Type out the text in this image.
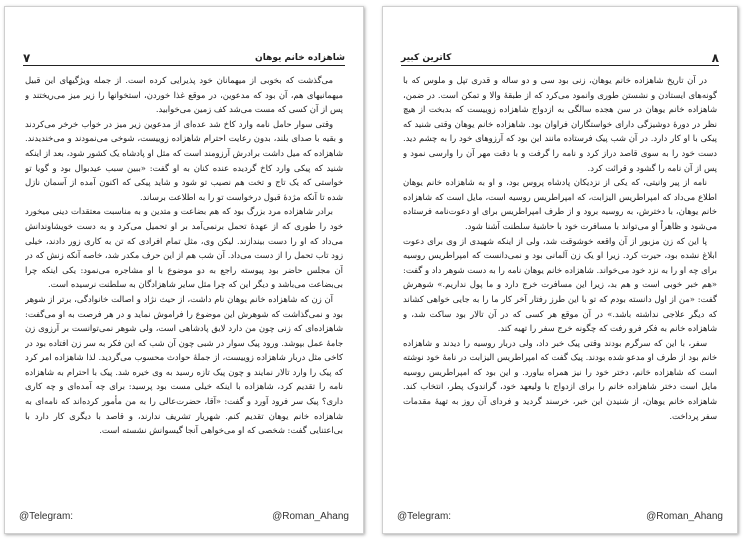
۷	شاهزاده خانم یوهان

می‌گذشت که بخوبی از میهمانان خود پذیرایی کرده است. از جمله ویژگیهای این قبیل میهمانیهای هم، آن بود که مدعوین، در موقع غذا خوردن، استخوانها را زیر میز می‌ریختند و پس از آن کسی که مست می‌شد کف زمین می‌خوابید.

وقتی سوار حامل نامه وارد کاخ شد عده‌ای از مدعوین زیر میز در خواب خرخر می‌کردند و بقیه با صدای بلند، بدون رعایت احترام شاهزاده زوییست، شوخی می‌نمودند و می‌خندیدند. شاهزاده که میل داشت برادرش آرزومند است که مثل او پادشاه یک کشور شود، بعد از اینکه شنید که پیکی وارد کاخ گردیده عنده کنان به او گفت: «ببین سبب عیدبوال بود و گویا تو خواستی که یک تاج و تخت هم نصیب تو شود و شاید پیکی که اکنون آمده از آسمان نازل شده تا آنکه مژدهٔ قبول درخواست تو را به اطلاعت برساند.

برادر شاهزاده مرد بزرگ بود که هم بضاعت و متدین و به مناسبت معتقدات دینی میخورد خود را طوری که از عهدهٔ تحمل برنمی‌آمد بر او تحمیل می‌کرد و به دست خویشاوندانش می‌داد که او را دست بیندازند. لیکن وی، مثل تمام افرادی که تن به کاری زور دادند، خیلی زود تاب تحمل را از دست می‌داد. آن شب هم از این حرف مکدر شد، خاصه آنکه زنش که در آن مجلس حاضر بود پیوسته راجع به دو موضوع با او مشاجره می‌نمود: یکی اینکه چرا بی‌بضاعت می‌باشد و دیگر این که چرا مثل سایر شاهزادگان به سلطنت نرسیده است.

آن زن که شاهزاده خانم یوهان نام داشت، از حیث نژاد و اصالت خانوادگی، برتر از شوهر بود و نمی‌گذاشت که شوهرش این موضوع را فراموش نماید و در هر فرصت به او می‌گفت: شاهزاده‌ای که زنی چون من دارد لایق پادشاهی است، ولی شوهر نمی‌توانست بر آرزوی زن جامهٔ عمل بپوشد. ورود پیک سوار در شبی چون آن شب که این فکر به سر زن افتاده بود در کاخی مثل دربار شاهزاده زوییست، از جملهٔ حوادث محسوب می‌گردید. لذا شاهزاده امر کرد که پیک را وارد تالار نمایند و چون پیک تازه رسید به وی خیره شد. پیک با احترام به شاهزاده نامه را تقدیم کرد، شاهزاده با اینکه خیلی مست بود پرسید: برای چه آمده‌ای و چه کاری داری؟ پیک سر فرود آورد و گفت: «آقا، حضرت‌عالی را به من مأمور کرده‌اند که نامه‌ای به شاهزاده خانم یوهان تقدیم کنم. شهریار تشریف ندارند، و قاصد با دیگری کار دارد با بی‌اعتنایی گفت: شخصی که او می‌خواهی آنجا گیسوانش نشسته است.

@Telegram:	@Roman_Ahang
کاترین کبیر	۸

در آن تاریخ شاهزاده خانم یوهان، زنی بود سی و دو ساله و قدری تپل و ملوس که با گونه‌های ایستادن و نشستن طوری وانمود می‌کرد که از طبقهٔ والا و تمکن است. در ضمن، شاهزاده خانم یوهان در سن هجده سالگی به ازدواج شاهزاده زوییست که بدبخت از هیچ نظر در دورهٔ دوشیزگی دارای خواستگاران فراوان بود. شاهزاده خانم یوهان وقتی شنید که پیکی با او کار دارد. در آن شب پیک فرستاده مانند این بود که آرزوهای خود را به چشم دید. دست خود را به سوی قاصد دراز کرد و نامه را گرفت و با دقت مهر آن را وارسی نمود و پس از آن نامه را گشود و قرائت کرد.

نامه از پیر وانیتی، که یکی از نزدیکان پادشاه پروس بود، و او به شاهزاده خانم یوهان اطلاع می‌داد که امپراطریس الیزابت، که امپراطریس روسیه است، مایل است که شاهزاده خانم یوهان، با دخترش، به روسیه برود و از طرف امپراطریس برای او دعوت‌نامه فرستاده می‌شود و ظاهراً او می‌تواند با مسافرت خود با حاشیهٔ سلطنت آشنا شود.

پا این که زن مزبور از آن واقعه خوشوقت شد، ولی از اینکه شهیدی از وی برای دعوت ابلاغ نشده بود، حیرت کرد. زیرا او یک زن آلمانی بود و نمی‌دانست که امپراطریس روسیه برای چه او را به نزد خود می‌خواند. شاهزاده خانم یوهان نامه را به دست شوهر داد و گفت: «هم خبر خوبی است و هم بد، زیرا این مسافرت خرج دارد و ما پول نداریم.» شوهرش گفت: «من از اول دانسته بودم که تو با این طرز رفتار آخر کار ما را به جایی خواهی کشاند که دیگر علاجی نداشته باشد.» در آن موقع هر کسی که در آن تالار بود ساکت شد، و شاهزاده خانم به فکر فرو رفت که چگونه خرج سفر را تهیه کند.

سفر، با این که سرگرم بودند وقتی پیک خبر داد، ولی دربار روسیه را دیدند و شاهزاده خانم بود از طرف او مدعو شده بودند. پیک گفت که امپراطریس الیزابت در نامهٔ خود نوشته است که شاهزاده خانم، دختر خود را نیز همراه بیاورد. و این بود که امپراطریس روسیه مایل است دختر شاهزاده خانم را برای ازدواج با ولیعهد خود، گراندوک پطر، انتخاب کند. شاهزاده خانم یوهان، از شنیدن این خبر، خرسند گردید و فردای آن روز به تهیهٔ مقدمات سفر پرداخت.

@Telegram:	@Roman_Ahang
